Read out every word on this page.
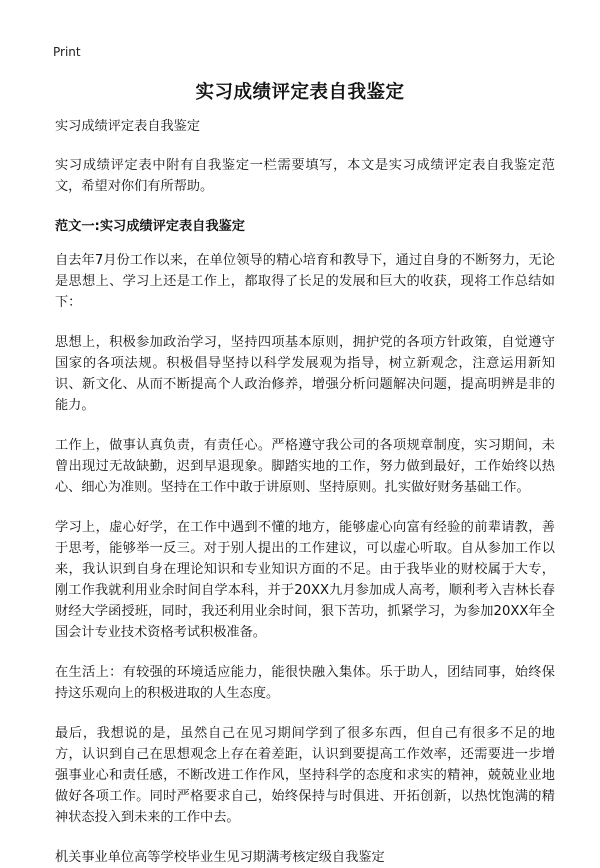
Print
实习成绩评定表自我鉴定

实习成绩评定表自我鉴定

实习成绩评定表中附有自我鉴定一栏需要填写，本文是实习成绩评定表自我鉴定范文，希望对你们有所帮助。

范文一:实习成绩评定表自我鉴定

自去年7月份工作以来，在单位领导的精心培育和教导下，通过自身的不断努力，无论是思想上、学习上还是工作上，都取得了长足的发展和巨大的收获，现将工作总结如下：

思想上，积极参加政治学习，坚持四项基本原则，拥护党的各项方针政策，自觉遵守国家的各项法规。积极倡导坚持以科学发展观为指导，树立新观念，注意运用新知识、新文化、从而不断提高个人政治修养，增强分析问题解决问题，提高明辨是非的能力。

工作上，做事认真负责，有责任心。严格遵守我公司的各项规章制度，实习期间，未曾出现过无故缺勤，迟到早退现象。脚踏实地的工作，努力做到最好，工作始终以热心、细心为准则。坚持在工作中敢于讲原则、坚持原则。扎实做好财务基础工作。

学习上，虚心好学，在工作中遇到不懂的地方，能够虚心向富有经验的前辈请教，善于思考，能够举一反三。对于别人提出的工作建议，可以虚心听取。自从参加工作以来，我认识到自身在理论知识和专业知识方面的不足。由于我毕业的财校属于大专，刚工作我就利用业余时间自学本科，并于20XX九月参加成人高考，顺利考入吉林长春财经大学函授班，同时，我还利用业余时间，狠下苦功，抓紧学习，为参加20XX年全国会计专业技术资格考试积极准备。

在生活上：有较强的环境适应能力，能很快融入集体。乐于助人，团结同事，始终保持这乐观向上的积极进取的人生态度。

最后，我想说的是，虽然自己在见习期间学到了很多东西，但自己有很多不足的地方，认识到自己在思想观念上存在着差距，认识到要提高工作效率，还需要进一步增强事业心和责任感，不断改进工作作风，坚持科学的态度和求实的精神，兢兢业业地做好各项工作。同时严格要求自己，始终保持与时俱进、开拓创新，以热忱饱满的精神状态投入到未来的工作中去。

机关事业单位高等学校毕业生见习期满考核定级自我鉴定
